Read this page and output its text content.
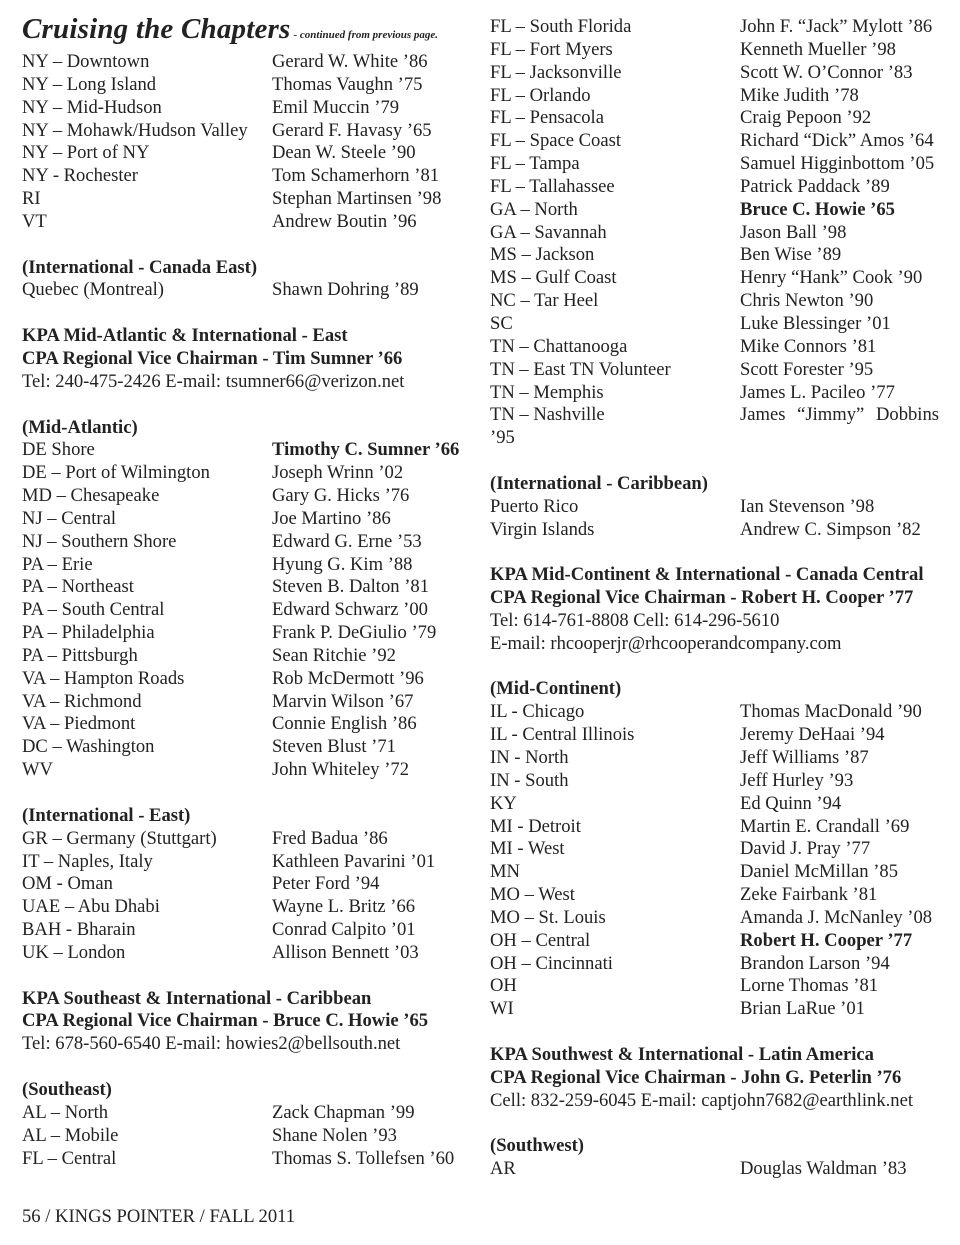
Cruising the Chapters - continued from previous page.
NY – Downtown	Gerard W. White ’86
NY – Long Island	Thomas Vaughn ’75
NY – Mid-Hudson	Emil Muccin ’79
NY – Mohawk/Hudson Valley	Gerard F. Havasy ’65
NY – Port of NY	Dean W. Steele ’90
NY - Rochester	Tom Schamerhorn ’81
RI	Stephan Martinsen ’98
VT	Andrew Boutin ’96
(International - Canada East)
Quebec (Montreal)	Shawn Dohring ’89
KPA Mid-Atlantic & International - East
CPA Regional Vice Chairman - Tim Sumner ’66
Tel: 240-475-2426 E-mail: tsumner66@verizon.net
(Mid-Atlantic)
DE Shore	Timothy C. Sumner ’66
DE – Port of Wilmington	Joseph Wrinn ’02
MD – Chesapeake	Gary G. Hicks ’76
NJ – Central	Joe Martino ’86
NJ – Southern Shore	Edward G. Erne ’53
PA – Erie	Hyung G. Kim ’88
PA – Northeast	Steven B. Dalton ’81
PA – South Central	Edward Schwarz ’00
PA – Philadelphia	Frank P. DeGiulio ’79
PA – Pittsburgh	Sean Ritchie ’92
VA – Hampton Roads	Rob McDermott ’96
VA – Richmond	Marvin Wilson ’67
VA – Piedmont	Connie English ’86
DC – Washington	Steven Blust ’71
WV	John Whiteley ’72
(International - East)
GR – Germany (Stuttgart)	Fred Badua ’86
IT – Naples, Italy	Kathleen Pavarini ’01
OM - Oman	Peter Ford ’94
UAE – Abu Dhabi	Wayne L. Britz ’66
BAH - Bharain	Conrad Calpito ’01
UK – London	Allison Bennett ’03
KPA Southeast & International - Caribbean
CPA Regional Vice Chairman - Bruce C. Howie ’65
Tel: 678-560-6540 E-mail: howies2@bellsouth.net
(Southeast)
AL – North	Zack Chapman ’99
AL – Mobile	Shane Nolen ’93
FL – Central	Thomas S. Tollefsen ’60
FL – South Florida	John F. “Jack” Mylott ’86
FL – Fort Myers	Kenneth Mueller ’98
FL – Jacksonville	Scott W. O’Connor ’83
FL – Orlando	Mike Judith ’78
FL – Pensacola	Craig Pepoon ’92
FL – Space Coast	Richard “Dick” Amos ’64
FL – Tampa	Samuel Higginbottom ’05
FL – Tallahassee	Patrick Paddack ’89
GA – North	Bruce C. Howie ’65
GA – Savannah	Jason Ball ’98
MS – Jackson	Ben Wise ’89
MS – Gulf Coast	Henry “Hank” Cook ’90
NC – Tar Heel	Chris Newton ’90
SC	Luke Blessinger ’01
TN – Chattanooga	Mike Connors ’81
TN – East TN Volunteer	Scott Forester ’95
TN – Memphis	James L. Pacileo ’77
TN – Nashville	James “Jimmy” Dobbins
’95
(International - Caribbean)
Puerto Rico	Ian Stevenson ’98
Virgin Islands	Andrew C. Simpson ’82
KPA Mid-Continent & International - Canada Central
CPA Regional Vice Chairman - Robert H. Cooper ’77
Tel: 614-761-8808 Cell: 614-296-5610
E-mail: rhcooperjr@rhcooperandcompany.com
(Mid-Continent)
IL - Chicago	Thomas MacDonald ’90
IL - Central Illinois	Jeremy DeHaai ’94
IN - North	Jeff Williams ’87
IN - South	Jeff Hurley ’93
KY	Ed Quinn ’94
MI - Detroit	Martin E. Crandall ’69
MI - West	David J. Pray ’77
MN	Daniel McMillan ’85
MO – West	Zeke Fairbank ’81
MO – St. Louis	Amanda J. McNanley ’08
OH – Central	Robert H. Cooper ’77
OH – Cincinnati	Brandon Larson ’94
OH	Lorne Thomas ’81
WI	Brian LaRue ’01
KPA Southwest & International - Latin America
CPA Regional Vice Chairman - John G. Peterlin ’76
Cell: 832-259-6045 E-mail: captjohn7682@earthlink.net
(Southwest)
AR	Douglas Waldman ’83
56 / KINGS POINTER / FALL 2011
